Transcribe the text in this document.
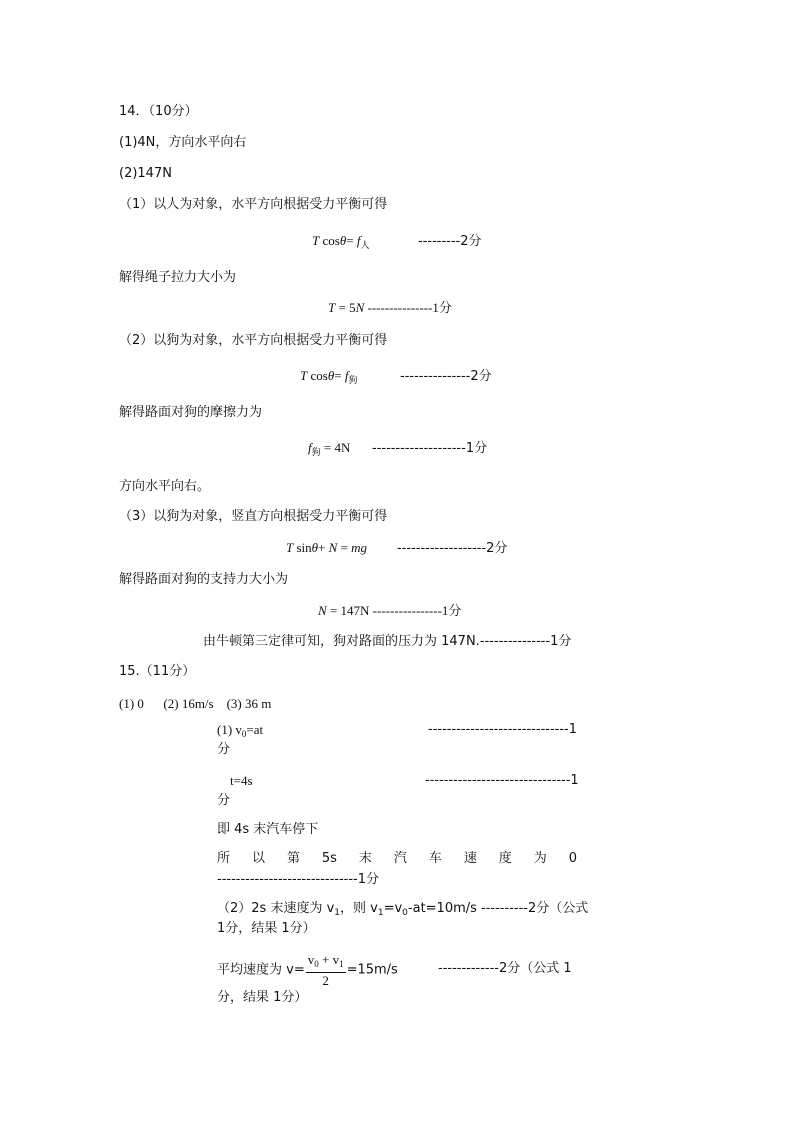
14．（10分）
(1)4N，方向水平向右
(2)147N
（1）以人为对象，水平方向根据受力平衡可得
T $\cos\theta= f_人$	---------2分
解得绳子拉力大小为
T = 5N ---------------1分
（2）以狗为对象，水平方向根据受力平衡可得
T $\cos\theta= f_狗$	---------------2分
解得路面对狗的摩擦力为
$f_狗 = 4N$ --------------------1分
方向水平向右。
（3）以狗为对象，竖直方向根据受力平衡可得
T sinθ+ N = mg -------------------2分
解得路面对狗的支持力大小为
N = 147N ----------------1分
由牛顿第三定律可知，狗对路面的压力为 147N.---------------1分
15.（11分）
(1) 0      (2) 16m/s    (3) 36 m
(1) $v_0=at$	------------------------------1
分
t=4s	-------------------------------1
分
即 4s 末汽车停下
所 以 第 5s 末 汽 车 速 度 为 0
------------------------------1分
（2）2s 末速度为 $v_1$，则 $v_1=v_0-at=10m/s$ ----------2分（公式
1分，结果 1分）
平均速度为 $v= \frac{v_0 + v_1}{2} =15m/s$	-------------2分（公式 1
分，结果 1分）
